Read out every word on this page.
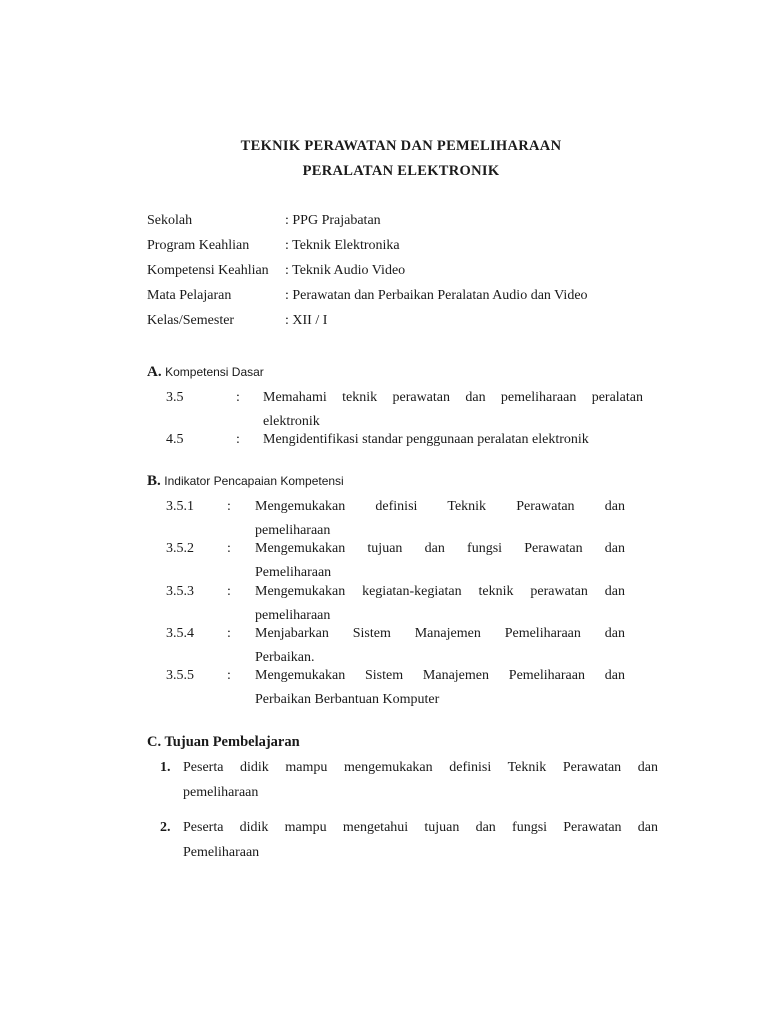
TEKNIK PERAWATAN DAN PEMELIHARAAN
PERALATAN ELEKTRONIK
Sekolah	: PPG Prajabatan
Program Keahlian	: Teknik Elektronika
Kompetensi Keahlian : Teknik Audio Video
Mata Pelajaran	: Perawatan dan Perbaikan Peralatan Audio dan Video
Kelas/Semester	: XII / I
A. Kompetensi Dasar
3.5	: Memahami teknik perawatan dan pemeliharaan peralatan
elektronik
4.5	: Mengidentifikasi standar penggunaan peralatan elektronik
B. Indikator Pencapaian Kompetensi
3.5.1 : Mengemukakan definisi Teknik Perawatan dan
pemeliharaan
3.5.2 : Mengemukakan tujuan dan fungsi Perawatan dan
Pemeliharaan
3.5.3 : Mengemukakan kegiatan-kegiatan teknik perawatan dan
pemeliharaan
3.5.4 : Menjabarkan Sistem Manajemen Pemeliharaan dan
Perbaikan.
3.5.5 : Mengemukakan Sistem Manajemen Pemeliharaan dan
Perbaikan Berbantuan Komputer
C. Tujuan Pembelajaran
1. Peserta didik mampu mengemukakan definisi Teknik Perawatan dan
pemeliharaan
2. Peserta didik mampu mengetahui tujuan dan fungsi Perawatan dan
Pemeliharaan
